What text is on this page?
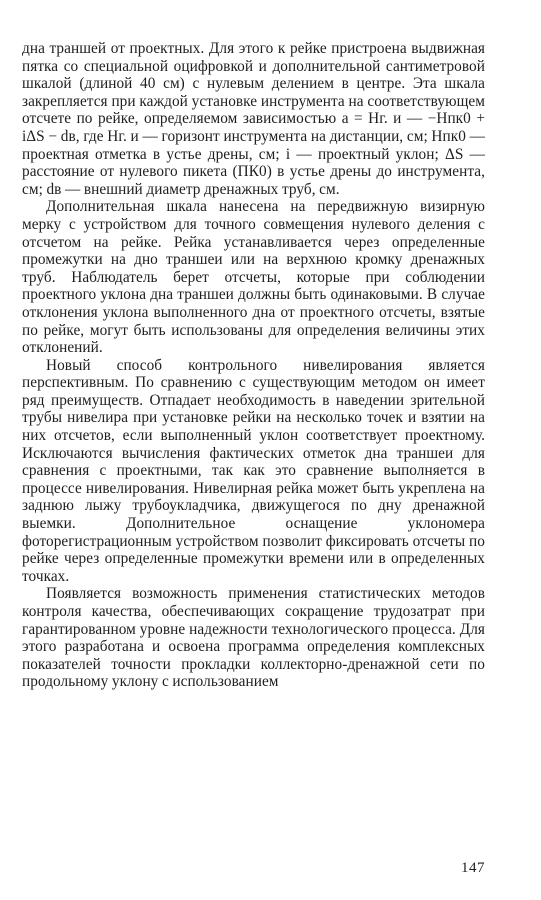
дна траншей от проектных. Для этого к рейке пристроена выдвижная пятка со специальной оцифровкой и дополнительной сантиметровой шкалой (длиной 40 см) с нулевым делением в центре. Эта шкала закрепляется при каждой установке инструмента на соответствующем отсчете по рейке, определяемом зависимостью a = Hг. и — −Hпк0 + iΔS − dв, где Hг. и — горизонт инструмента на дистанции, см; Hпк0 — проектная отметка в устье дрены, см; i — проектный уклон; ΔS — расстояние от нулевого пикета (ПК0) в устье дрены до инструмента, см; dв — внешний диаметр дренажных труб, см.

Дополнительная шкала нанесена на передвижную визирную мерку с устройством для точного совмещения нулевого деления с отсчетом на рейке. Рейка устанавливается через определенные промежутки на дно траншеи или на верхнюю кромку дренажных труб. Наблюдатель берет отсчеты, которые при соблюдении проектного уклона дна траншеи должны быть одинаковыми. В случае отклонения уклона выполненного дна от проектного отсчеты, взятые по рейке, могут быть использованы для определения величины этих отклонений.

Новый способ контрольного нивелирования является перспективным. По сравнению с существующим методом он имеет ряд преимуществ. Отпадает необходимость в наведении зрительной трубы нивелира при установке рейки на несколько точек и взятии на них отсчетов, если выполненный уклон соответствует проектному. Исключаются вычисления фактических отметок дна траншеи для сравнения с проектными, так как это сравнение выполняется в процессе нивелирования. Нивелирная рейка может быть укреплена на заднюю лыжу трубоукладчика, движущегося по дну дренажной выемки. Дополнительное оснащение уклономера фоторегистрационным устройством позволит фиксировать отсчеты по рейке через определенные промежутки времени или в определенных точках.

Появляется возможность применения статистических методов контроля качества, обеспечивающих сокращение трудозатрат при гарантированном уровне надежности технологического процесса. Для этого разработана и освоена программа определения комплексных показателей точности прокладки коллекторно-дренажной сети по продольному уклону с использованием

147
